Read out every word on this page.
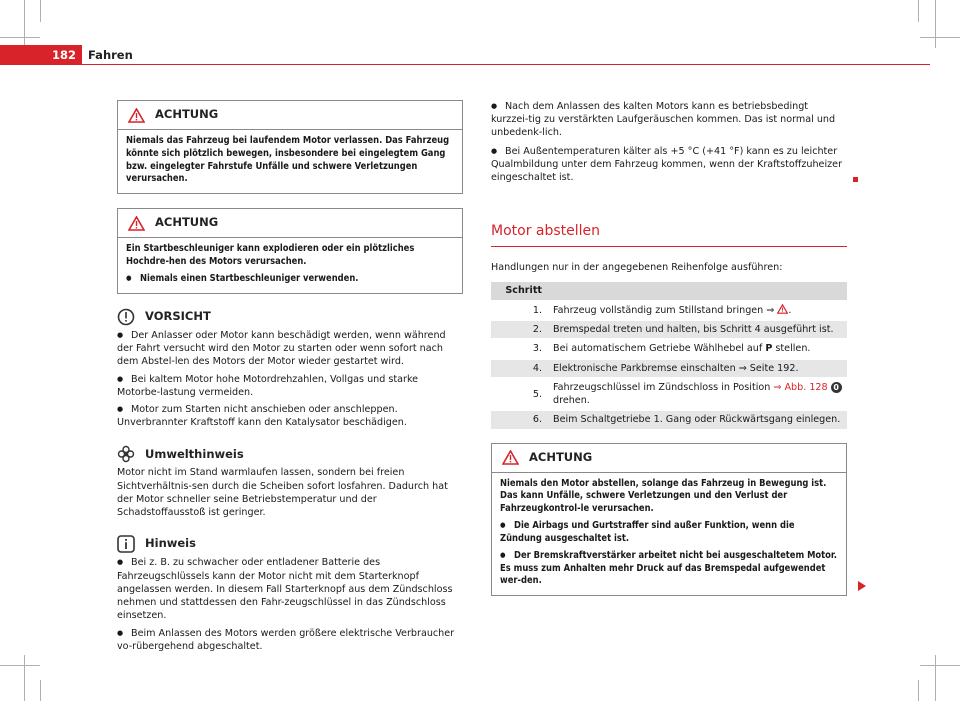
182	Fahren
ACHTUNG

Niemals das Fahrzeug bei laufendem Motor verlassen. Das Fahrzeug könnte sich plötzlich bewegen, insbesondere bei eingelegtem Gang bzw. eingelegter Fahrstufe Unfälle und schwere Verletzungen verursachen.

ACHTUNG

Ein Startbeschleuniger kann explodieren oder ein plötzliches Hochdre-hen des Motors verursachen.

● Niemals einen Startbeschleuniger verwenden.

VORSICHT

● Der Anlasser oder Motor kann beschädigt werden, wenn während der Fahrt versucht wird den Motor zu starten oder wenn sofort nach dem Abstel-len des Motors der Motor wieder gestartet wird.

● Bei kaltem Motor hohe Motordrehzahlen, Vollgas und starke Motorbe-lastung vermeiden.

● Motor zum Starten nicht anschieben oder anschleppen. Unverbrannter Kraftstoff kann den Katalysator beschädigen.

Umwelthinweis

Motor nicht im Stand warmlaufen lassen, sondern bei freien Sichtverhältnis-sen durch die Scheiben sofort losfahren. Dadurch hat der Motor schneller seine Betriebstemperatur und der Schadstoffausstoß ist geringer.

Hinweis

● Bei z. B. zu schwacher oder entladener Batterie des Fahrzeugschlüssels kann der Motor nicht mit dem Starterknopf angelassen werden. In diesem Fall Starterknopf aus dem Zündschloss nehmen und stattdessen den Fahr-zeugschlüssel in das Zündschloss einsetzen.

● Beim Anlassen des Motors werden größere elektrische Verbraucher vo-rübergehend abgeschaltet.

● Nach dem Anlassen des kalten Motors kann es betriebsbedingt kurzzei-tig zu verstärkten Laufgeräuschen kommen. Das ist normal und unbedenk-lich.

● Bei Außentemperaturen kälter als +5 °C (+41 °F) kann es zu leichter Qualmbildung unter dem Fahrzeug kommen, wenn der Kraftstoffzuheizer eingeschaltet ist.

Motor abstellen

Handlungen nur in der angegebenen Reihenfolge ausführen:

Schritt	
1.	Fahrzeug vollständig zum Stillstand bringen ⇒ .
2.	Bremspedal treten und halten, bis Schritt 4 ausgeführt ist.
3.	Bei automatischem Getriebe Wählhebel auf P stellen.
4.	Elektronische Parkbremse einschalten ⇒ Seite 192.
5.	Fahrzeugschlüssel im Zündschloss in Position ⇒ Abb. 128 0
drehen.
6.	Beim Schaltgetriebe 1. Gang oder Rückwärtsgang einlegen.
ACHTUNG

Niemals den Motor abstellen, solange das Fahrzeug in Bewegung ist. Das kann Unfälle, schwere Verletzungen und den Verlust der Fahrzeugkontrol-le verursachen.

● Die Airbags und Gurtstraffer sind außer Funktion, wenn die Zündung ausgeschaltet ist.

● Der Bremskraftverstärker arbeitet nicht bei ausgeschaltetem Motor. Es muss zum Anhalten mehr Druck auf das Bremspedal aufgewendet wer-den.
